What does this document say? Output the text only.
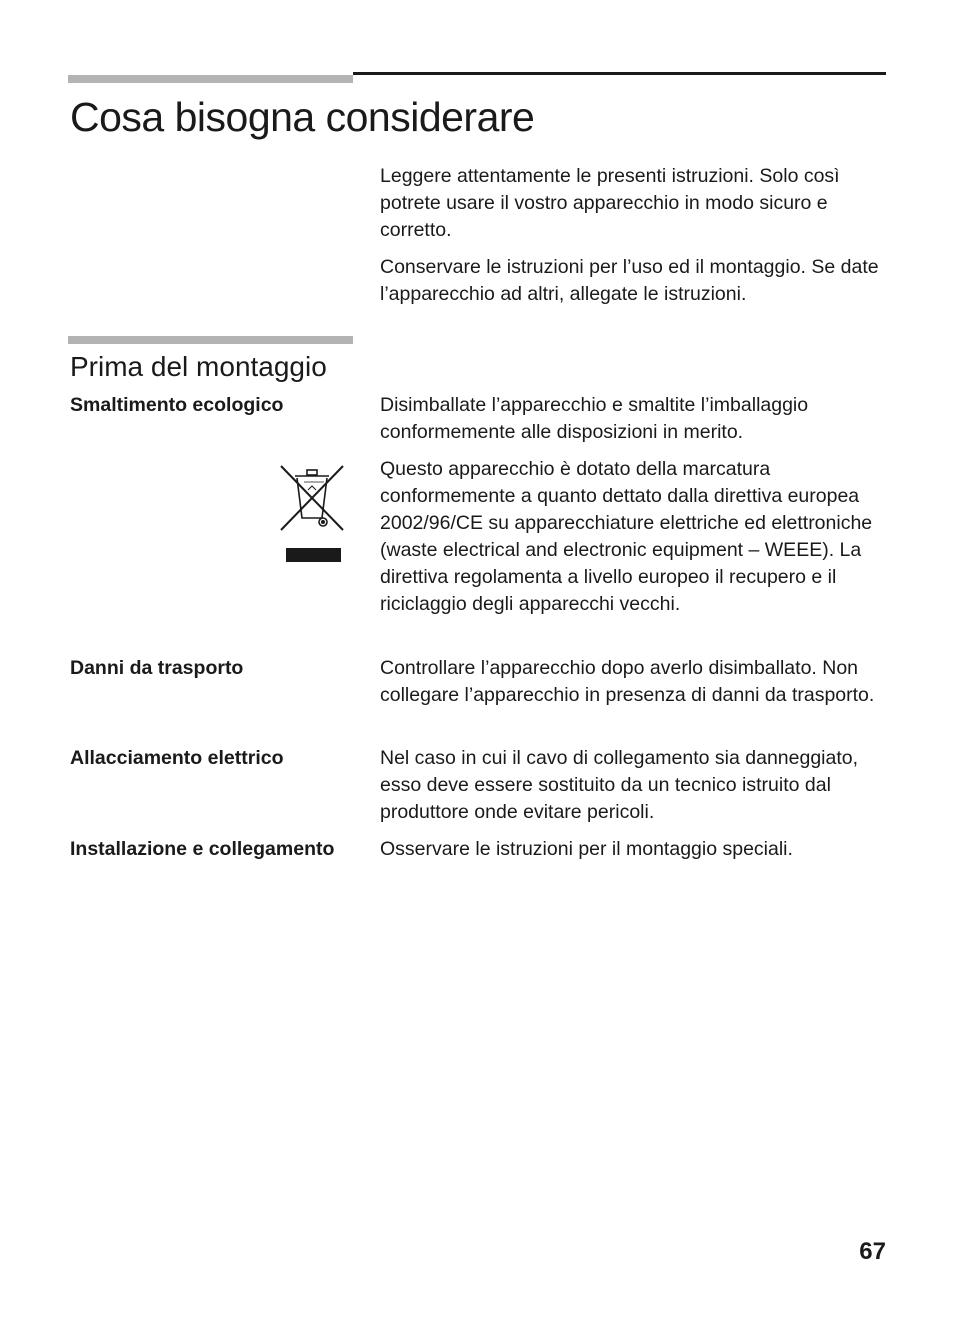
Cosa bisogna considerare

Leggere attentamente le presenti istruzioni. Solo così potrete usare il vostro apparecchio in modo sicuro e corretto.

Conservare le istruzioni per l’uso ed il montaggio. Se date l’apparecchio ad altri, allegate le istruzioni.

Prima del montaggio
Smaltimento ecologico	Disimballate l’apparecchio e smaltite l’imballaggio conformemente alle disposizioni in merito.

Questo apparecchio è dotato della marcatura conformemente a quanto dettato dalla direttiva europea 2002/96/CE su apparecchiature elettriche ed elettroniche (waste electrical and electronic equipment – WEEE). La direttiva regolamenta a livello europeo il recupero e il riciclaggio degli apparecchi vecchi.

Danni da trasporto	Controllare l’apparecchio dopo averlo disimballato. Non collegare l’apparecchio in presenza di danni da trasporto.

Allacciamento elettrico	Nel caso in cui il cavo di collegamento sia danneggiato, esso deve essere sostituito da un tecnico istruito dal produttore onde evitare pericoli.

Installazione e collegamento Osservare le istruzioni per il montaggio speciali.

67
